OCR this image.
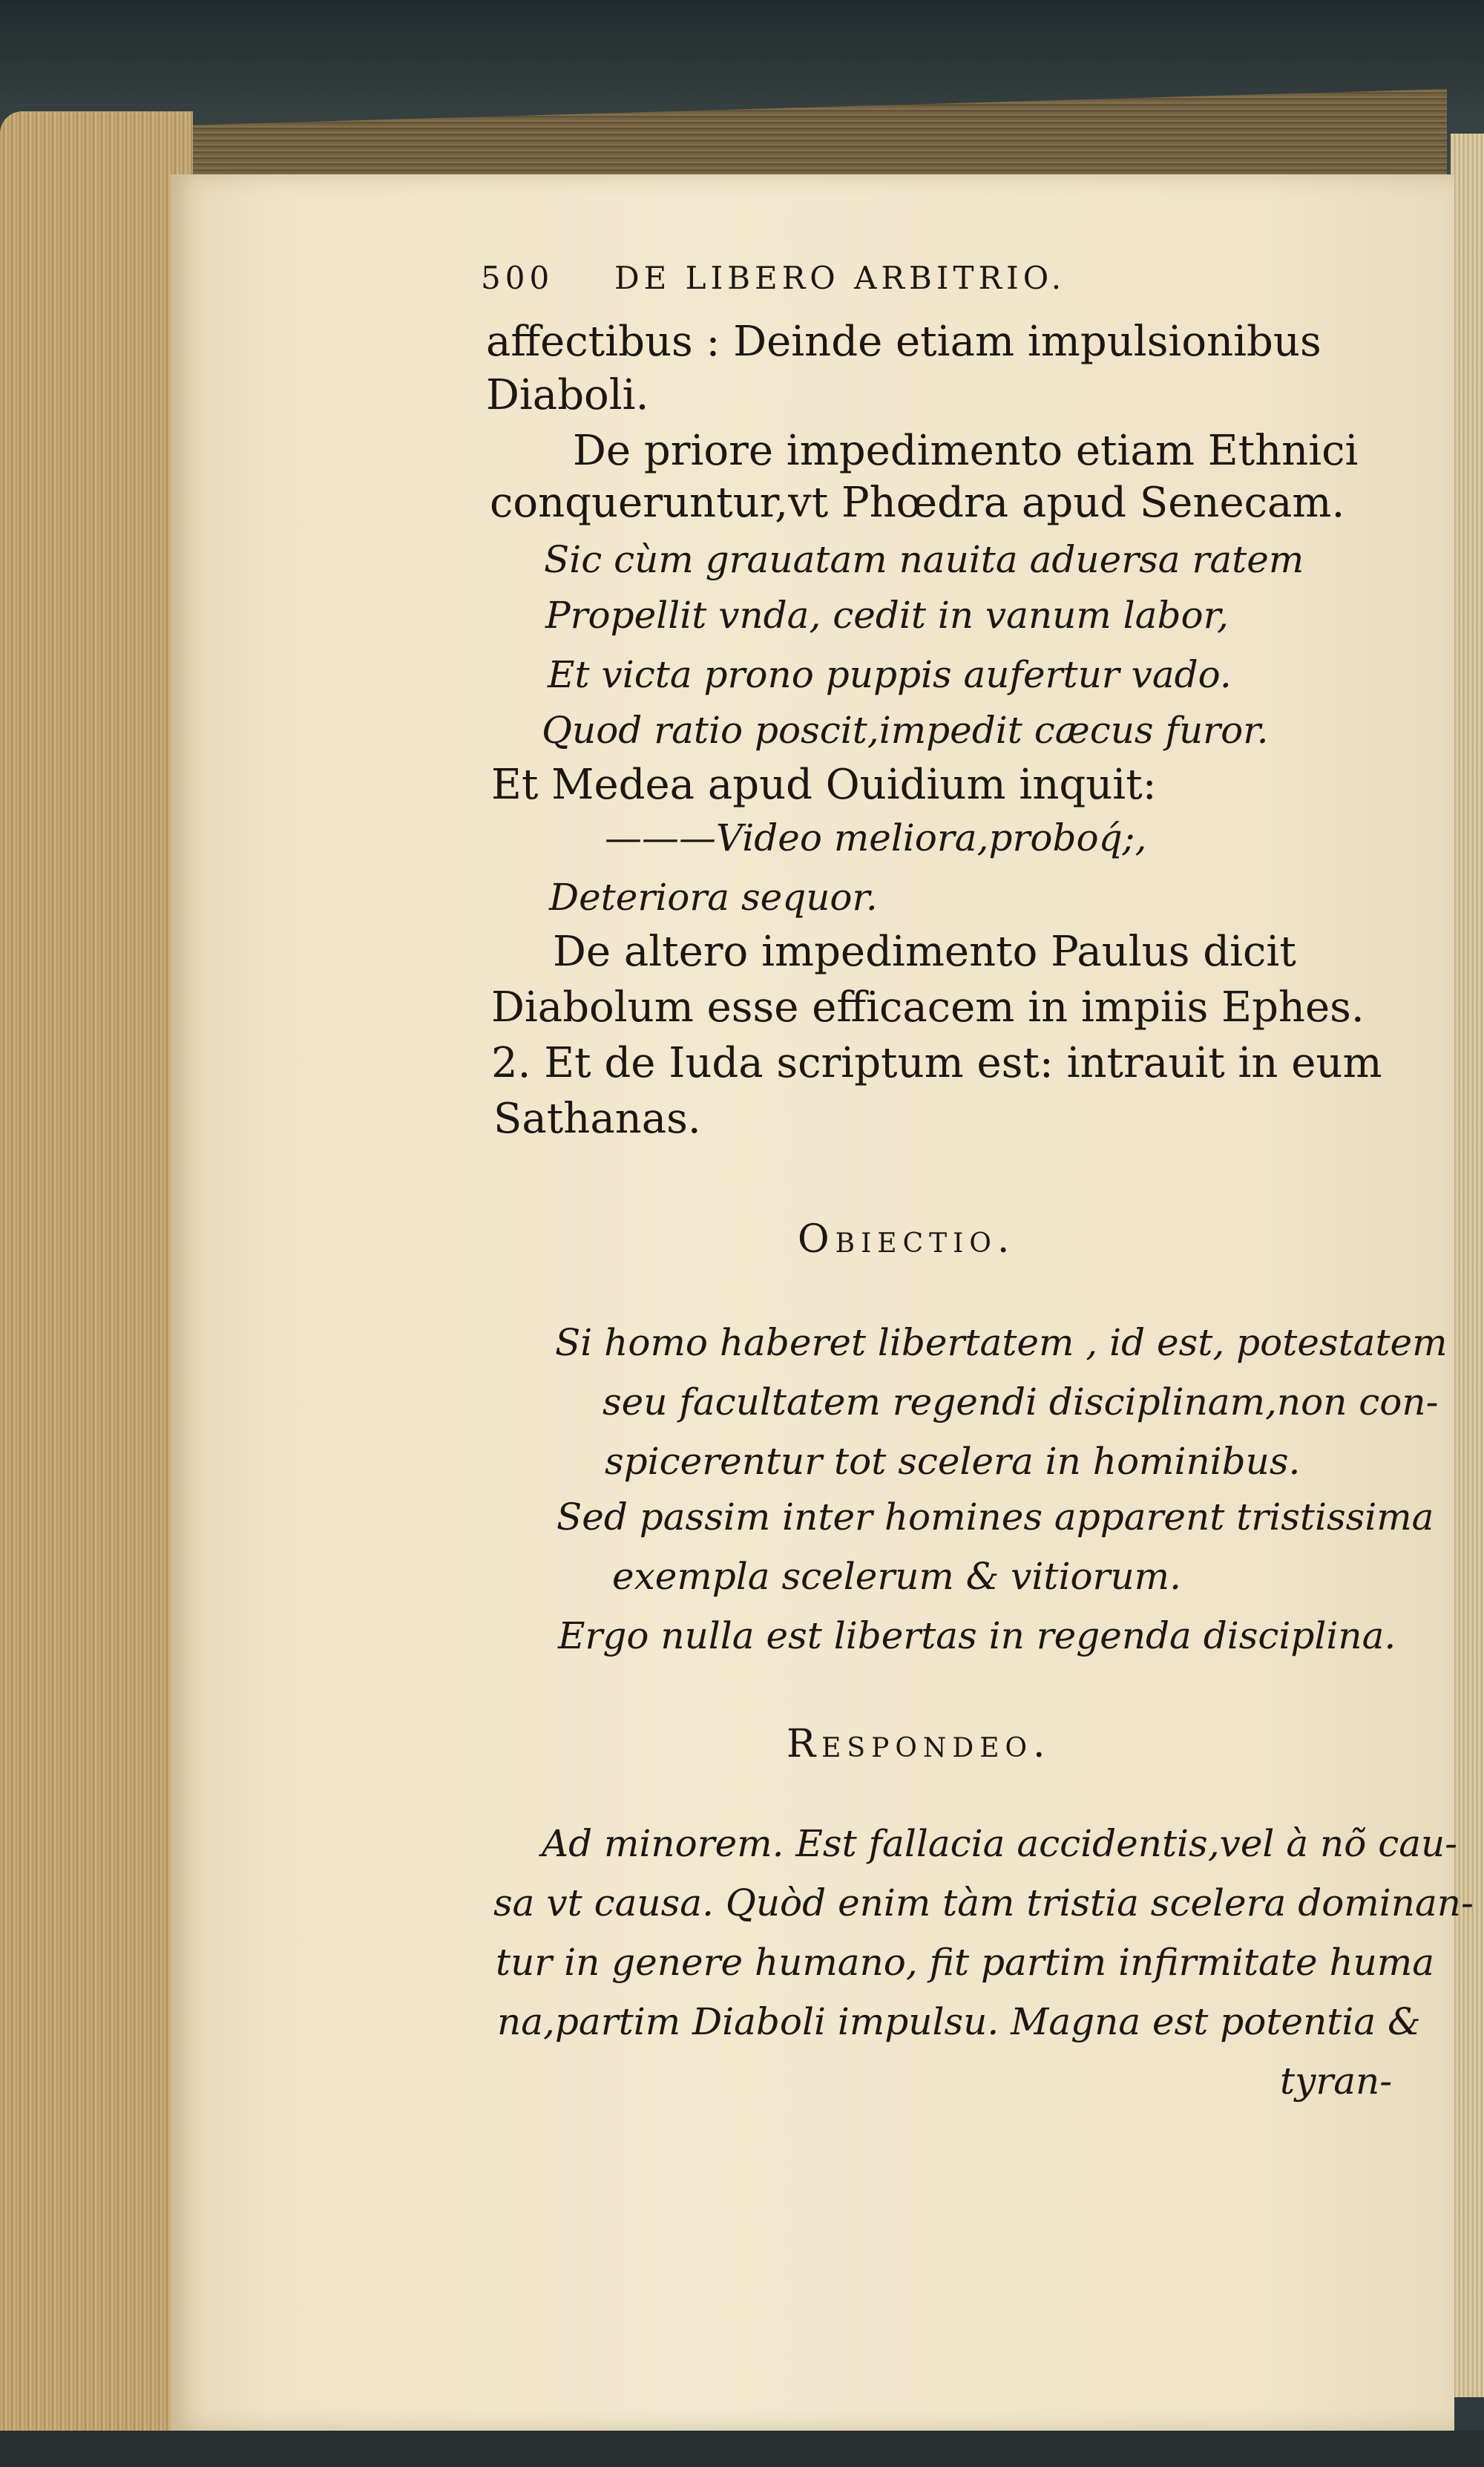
500 DE LIBERO ARBITRIO.
affectibus : Deinde etiam impulsionibus
Diaboli.
De priore impedimento etiam Ethnici
conqueruntur,vt Phœdra apud Senecam.
Sic cùm grauatam nauita aduersa ratem
Propellit vnda, cedit in vanum labor,
Et victa prono puppis aufertur vado.
Quod ratio poscit,impedit cæcus furor.
Et Medea apud Ouidium inquit:
———Video meliora,proboq́;,
Deteriora sequor.
De altero impedimento Paulus dicit
Diabolum esse efficacem in impiis Ephes.
2. Et de Iuda scriptum est: intrauit in eum
Sathanas.
Obiectio.
Si homo haberet libertatem , id est, potestatem
seu facultatem regendi disciplinam,non con-
spicerentur tot scelera in hominibus.
Sed passim inter homines apparent tristissima
exempla scelerum & vitiorum.
Ergo nulla est libertas in regenda disciplina.
Respondeo.
Ad minorem. Est fallacia accidentis,vel à nõ cau-
sa vt causa. Quòd enim tàm tristia scelera dominan-
tur in genere humano, fit partim infirmitate huma
na,partim Diaboli impulsu. Magna est potentia &
tyran-
